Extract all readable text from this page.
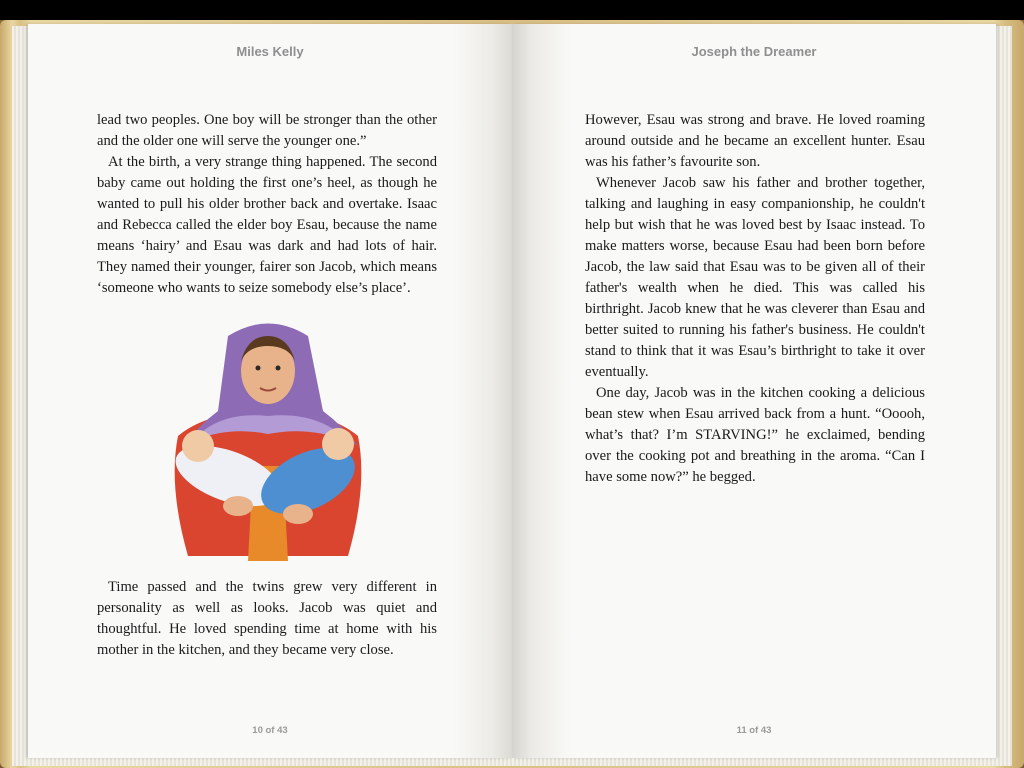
Miles Kelly

lead two peoples. One boy will be stronger than the other and the older one will serve the younger one.”

At the birth, a very strange thing happened. The second baby came out holding the first one’s heel, as though he wanted to pull his older brother back and overtake. Isaac and Rebecca called the elder boy Esau, because the name means ‘hairy’ and Esau was dark and had lots of hair. They named their younger, fairer son Jacob, which means ‘someone who wants to seize somebody else’s place’.

Time passed and the twins grew very different in personality as well as looks. Jacob was quiet and thoughtful. He loved spending time at home with his mother in the kitchen, and they became very close.

10 of 43
Joseph the Dreamer

However, Esau was strong and brave. He loved roaming around outside and he became an excellent hunter. Esau was his father’s favourite son.

Whenever Jacob saw his father and brother together, talking and laughing in easy companionship, he couldn't help but wish that he was loved best by Isaac instead. To make matters worse, because Esau had been born before Jacob, the law said that Esau was to be given all of their father's wealth when he died. This was called his birthright. Jacob knew that he was cleverer than Esau and better suited to running his father's business. He couldn't stand to think that it was Esau’s birthright to take it over eventually.

One day, Jacob was in the kitchen cooking a delicious bean stew when Esau arrived back from a hunt. “Ooooh, what’s that? I’m STARVING!” he exclaimed, bending over the cooking pot and breathing in the aroma. “Can I have some now?” he begged.

11 of 43
